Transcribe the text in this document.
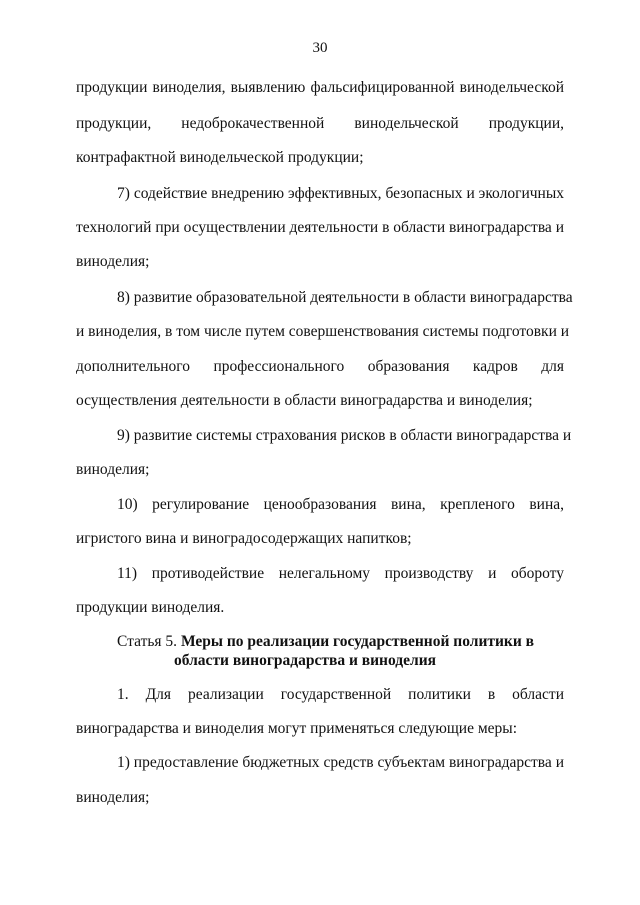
30
продукции виноделия, выявлению фальсифицированной винодельческой
продукции, недоброкачественной винодельческой продукции,
контрафактной винодельческой продукции;
7) содействие внедрению эффективных, безопасных и экологичных
технологий при осуществлении деятельности в области виноградарства и
виноделия;
8) развитие образовательной деятельности в области виноградарства
и виноделия, в том числе путем совершенствования системы подготовки и
дополнительного профессионального образования кадров для
осуществления деятельности в области виноградарства и виноделия;
9) развитие системы страхования рисков в области виноградарства и
виноделия;
10) регулирование ценообразования вина, крепленого вина,
игристого вина и виноградосодержащих напитков;
11) противодействие нелегальному производству и обороту
продукции виноделия.
Статья 5. Меры по реализации государственной политики в
области виноградарства и виноделия
1. Для реализации государственной политики в области
виноградарства и виноделия могут применяться следующие меры:
1) предоставление бюджетных средств субъектам виноградарства и
виноделия;
